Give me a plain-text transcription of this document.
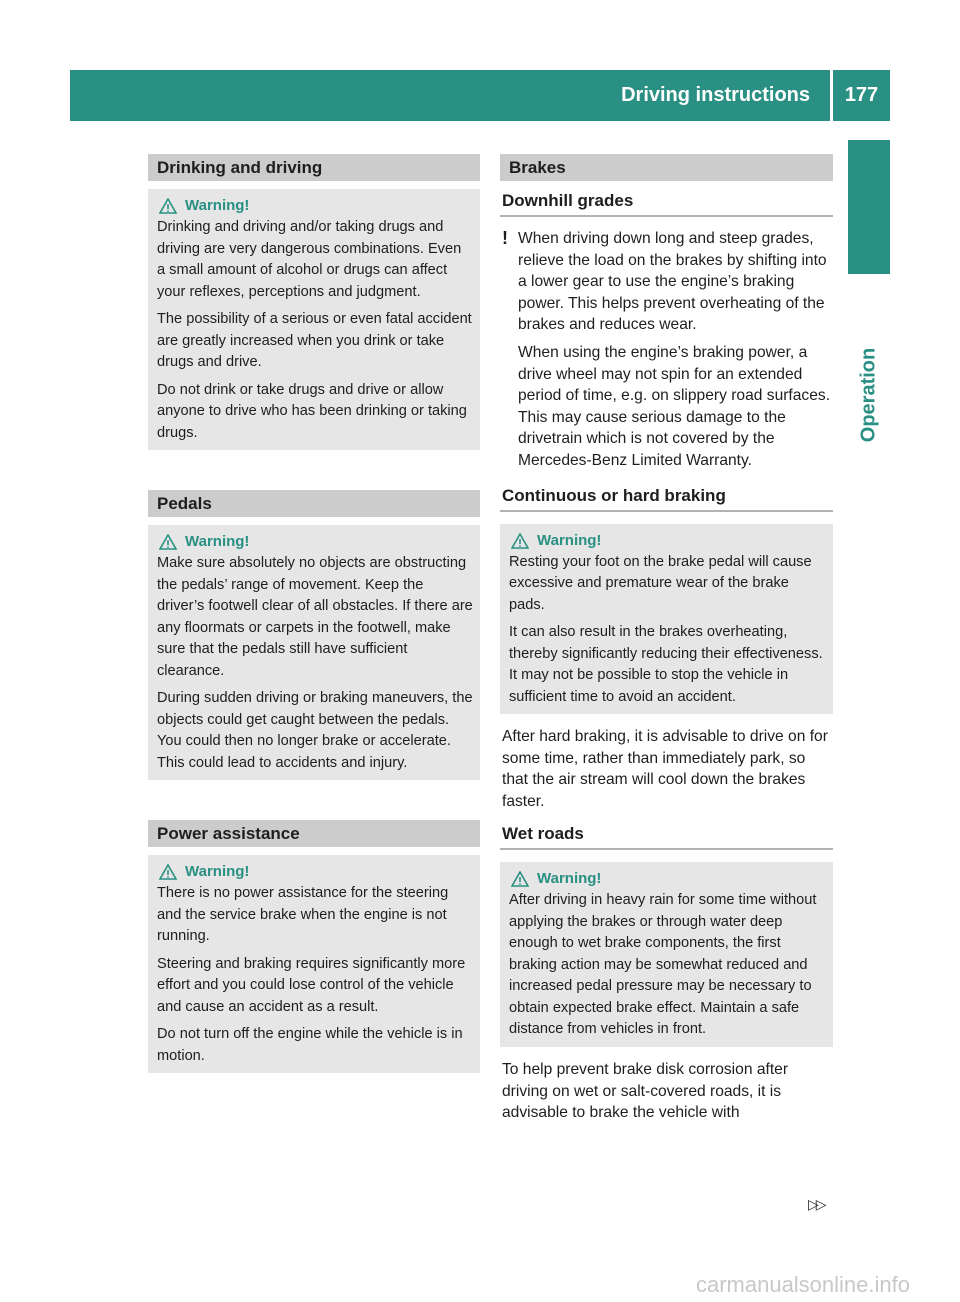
Driving instructions	177
Operation
Drinking and driving
Warning!

Drinking and driving and/or taking drugs and driving are very dangerous combinations. Even a small amount of alcohol or drugs can affect your reflexes, perceptions and judgment.

The possibility of a serious or even fatal accident are greatly increased when you drink or take drugs and drive.

Do not drink or take drugs and drive or allow anyone to drive who has been drinking or taking drugs.

Pedals
Warning!

Make sure absolutely no objects are obstructing the pedals’ range of movement. Keep the driver’s footwell clear of all obstacles. If there are any floormats or carpets in the footwell, make sure that the pedals still have sufficient clearance.

During sudden driving or braking maneuvers, the objects could get caught between the pedals. You could then no longer brake or accelerate. This could lead to accidents and injury.

Power assistance
Warning!

There is no power assistance for the steering and the service brake when the engine is not running.

Steering and braking requires significantly more effort and you could lose control of the vehicle and cause an accident as a result.

Do not turn off the engine while the vehicle is in motion.

Brakes
Downhill grades
! When driving down long and steep grades, relieve the load on the brakes by shifting into a lower gear to use the engine’s braking power. This helps prevent overheating of the brakes and reduces wear.

When using the engine’s braking power, a drive wheel may not spin for an extended period of time, e.g. on slippery road surfaces. This may cause serious damage to the drivetrain which is not covered by the Mercedes-Benz Limited Warranty.

Continuous or hard braking
Warning!

Resting your foot on the brake pedal will cause excessive and premature wear of the brake pads.

It can also result in the brakes overheating, thereby significantly reducing their effectiveness. It may not be possible to stop the vehicle in sufficient time to avoid an accident.

After hard braking, it is advisable to drive on for some time, rather than immediately park, so that the air stream will cool down the brakes faster.

Wet roads
Warning!

After driving in heavy rain for some time without applying the brakes or through water deep enough to wet brake components, the first braking action may be somewhat reduced and increased pedal pressure may be necessary to obtain expected brake effect. Maintain a safe distance from vehicles in front.

To help prevent brake disk corrosion after driving on wet or salt-covered roads, it is advisable to brake the vehicle with

▷▷
carmanualsonline.info
